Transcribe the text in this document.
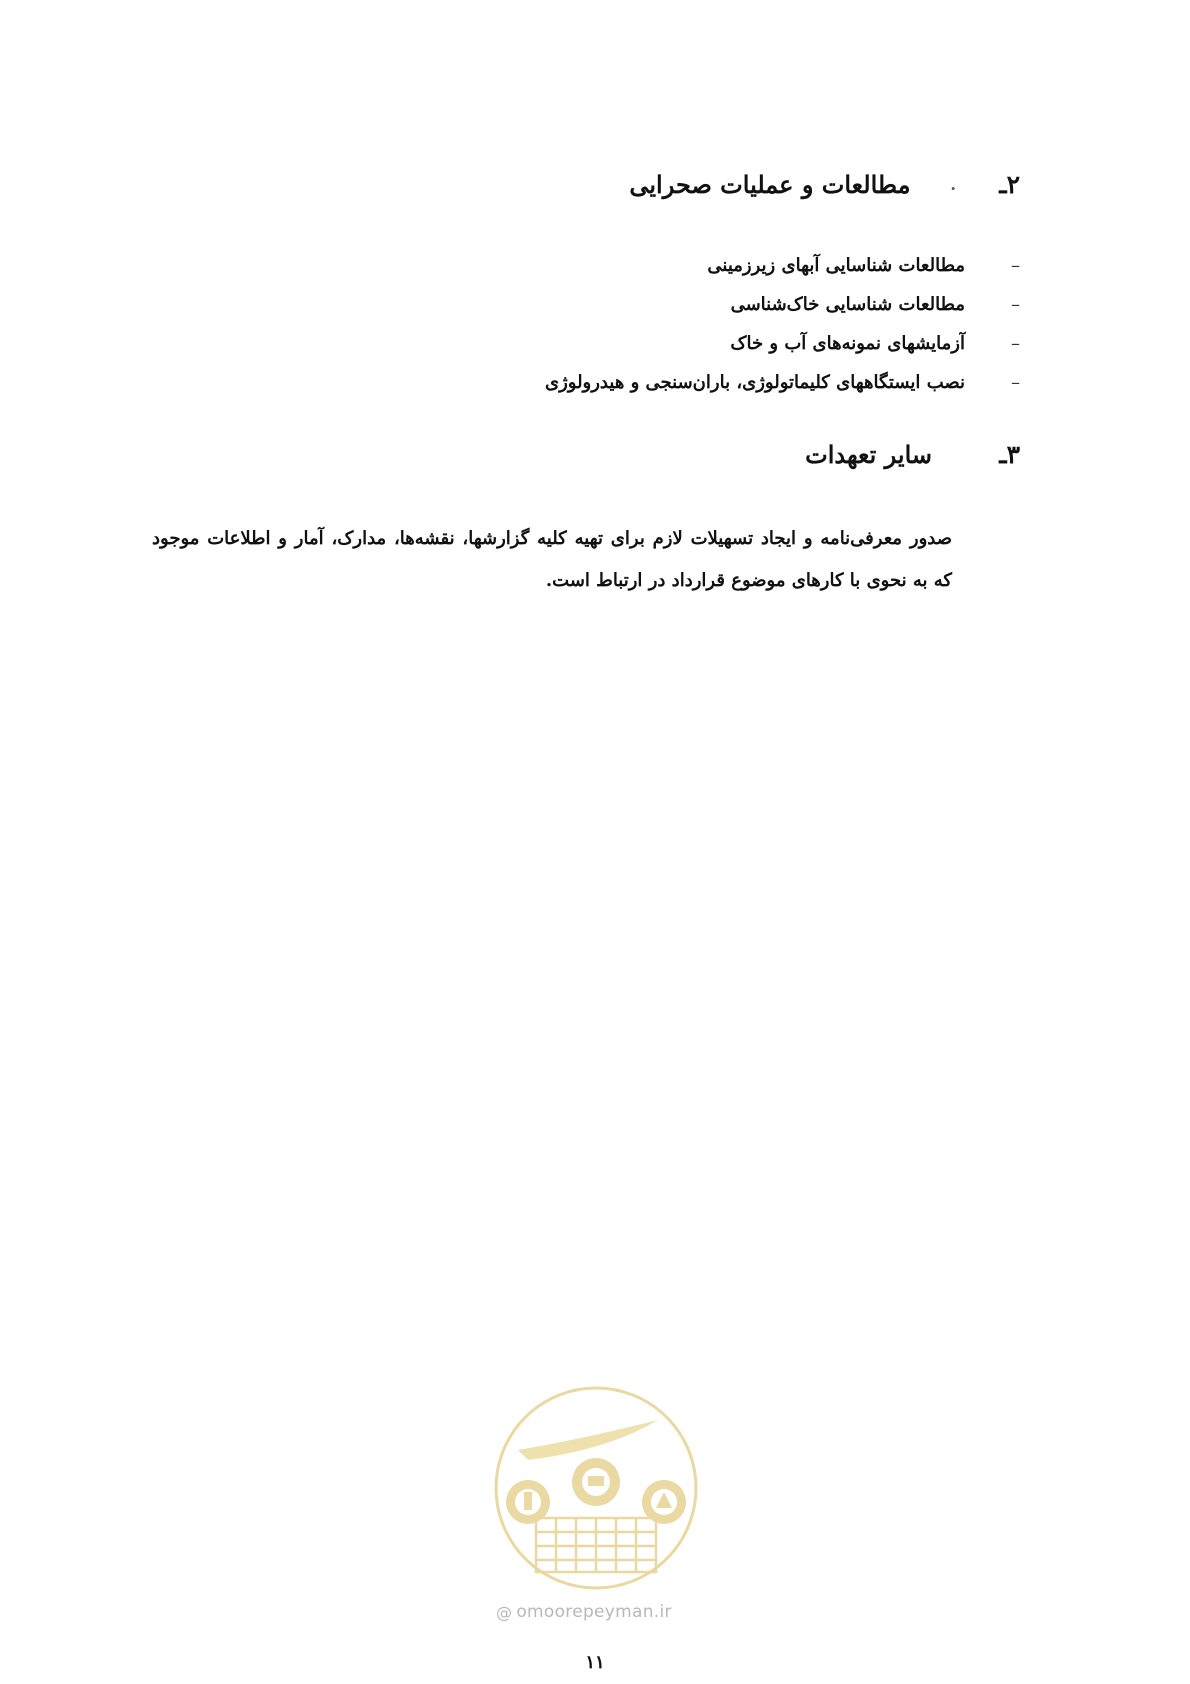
۲ـ
.
مطالعات و عملیات صحرایی
–
مطالعات شناسایی آبهای زیرزمینی
–
مطالعات شناسایی خاک‌شناسی
–
آزمایشهای نمونه‌های آب و خاک
–
نصب ایستگاههای کلیماتولوژی، باران‌سنجی و هیدرولوژی
۳ـ
سایر تعهدات

صدور معرفی‌نامه و ایجاد تسهیلات لازم برای تهیه کلیه گزارشها، نقشه‌ها، مدارک، آمار و اطلاعات موجود که به نحوی با کارهای موضوع قرارداد در ارتباط است.

@ omoorepeyman.ir
۱۱
